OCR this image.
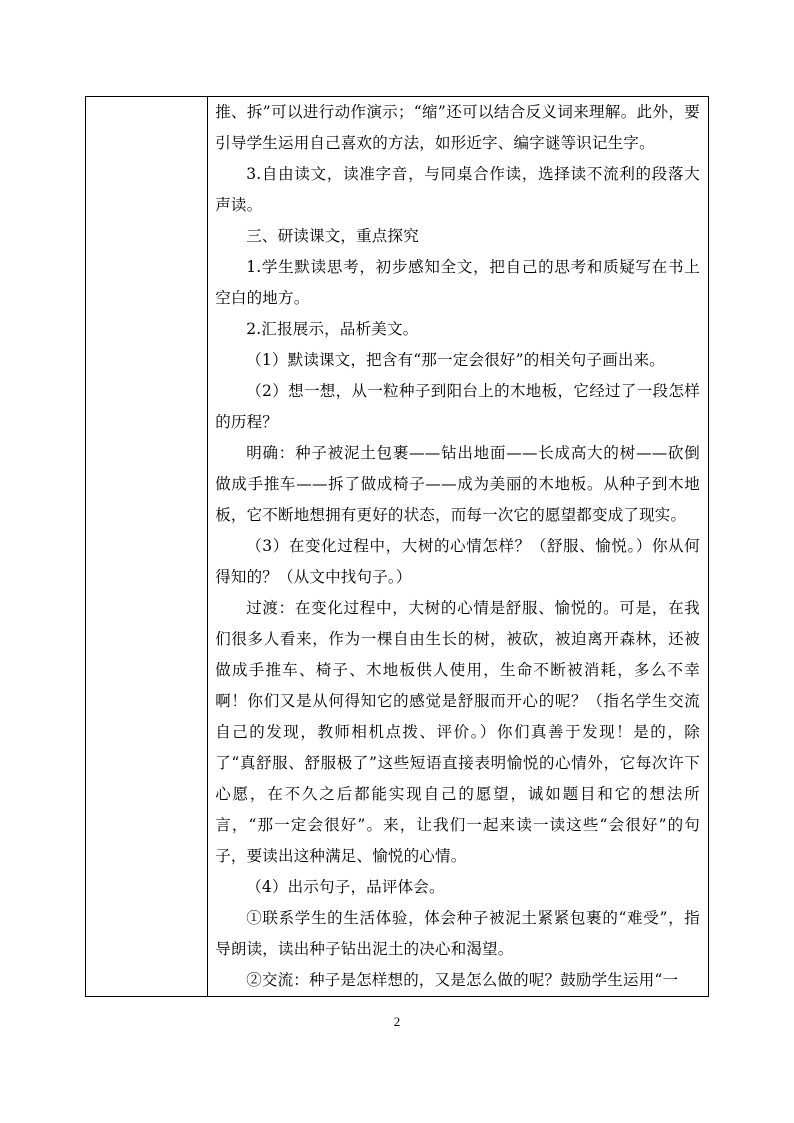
推、拆”可以进行动作演示；“缩”还可以结合反义词来理解。此外，要引导学生运用自己喜欢的方法，如形近字、编字谜等识记生字。

3.自由读文，读准字音，与同桌合作读，选择读不流利的段落大声读。

三、研读课文，重点探究

1.学生默读思考，初步感知全文，把自己的思考和质疑写在书上空白的地方。

2.汇报展示，品析美文。

（1）默读课文，把含有“那一定会很好”的相关句子画出来。

（2）想一想，从一粒种子到阳台上的木地板，它经过了一段怎样的历程？

明确：种子被泥土包裹——钻出地面——长成高大的树——砍倒做成手推车——拆了做成椅子——成为美丽的木地板。从种子到木地板，它不断地想拥有更好的状态，而每一次它的愿望都变成了现实。

（3）在变化过程中，大树的心情怎样？（舒服、愉悦。）你从何得知的？（从文中找句子。）

过渡：在变化过程中，大树的心情是舒服、愉悦的。可是，在我们很多人看来，作为一棵自由生长的树，被砍，被迫离开森林，还被做成手推车、椅子、木地板供人使用，生命不断被消耗，多么不幸啊！你们又是从何得知它的感觉是舒服而开心的呢？（指名学生交流自己的发现，教师相机点拨、评价。）你们真善于发现！是的，除了“真舒服、舒服极了”这些短语直接表明愉悦的心情外，它每次许下心愿，在不久之后都能实现自己的愿望，诚如题目和它的想法所言，“那一定会很好”。来，让我们一起来读一读这些“会很好”的句子，要读出这种满足、愉悦的心情。

（4）出示句子，品评体会。

①联系学生的生活体验，体会种子被泥土紧紧包裹的“难受”，指导朗读，读出种子钻出泥土的决心和渴望。

②交流：种子是怎样想的，又是怎么做的呢？鼓励学生运用“一

2
